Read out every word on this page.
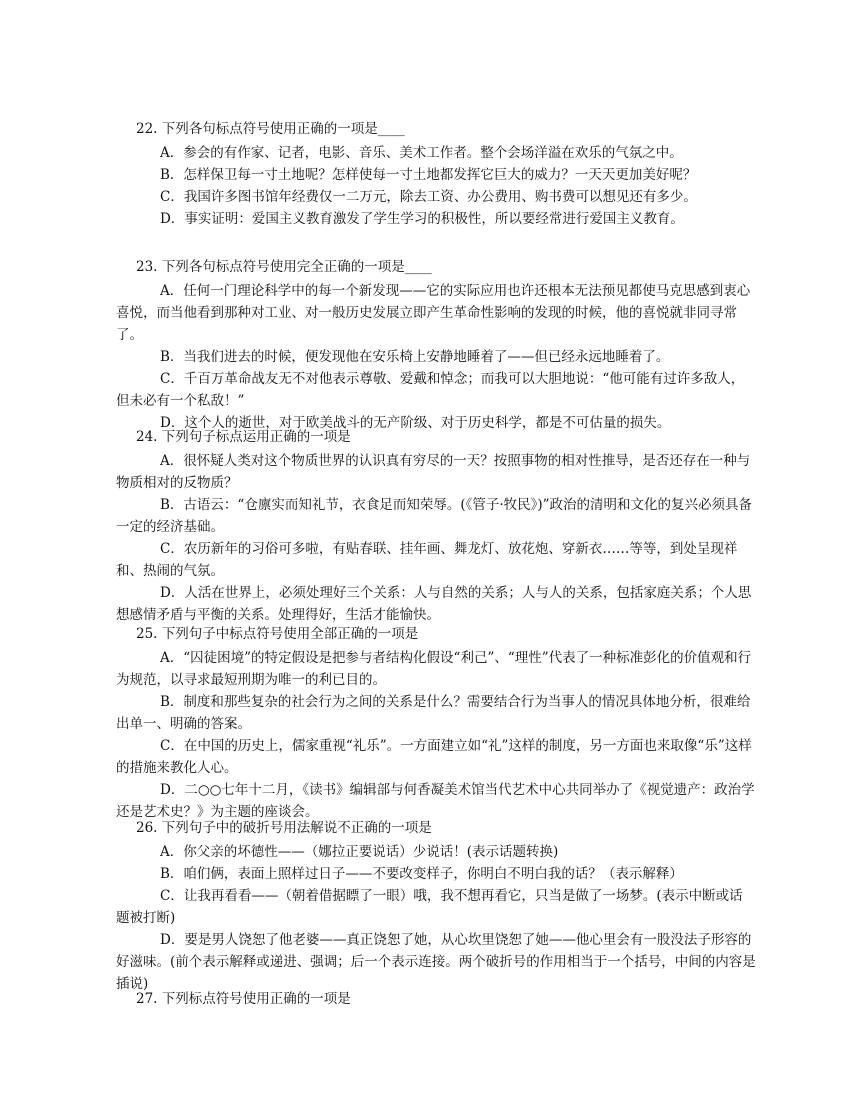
22. 下列各句标点符号使用正确的一项是____

A．参会的有作家、记者，电影、音乐、美术工作者。整个会场洋溢在欢乐的气氛之中。

B．怎样保卫每一寸土地呢？怎样使每一寸土地都发挥它巨大的威力？一天天更加美好呢？

C．我国许多图书馆年经费仅一二万元，除去工资、办公费用、购书费可以想见还有多少。

D．事实证明：爱国主义教育激发了学生学习的积极性，所以要经常进行爱国主义教育。

23. 下列各句标点符号使用完全正确的一项是____

A．任何一门理论科学中的每一个新发现——它的实际应用也许还根本无法预见都使马克思感到衷心喜悦，而当他看到那种对工业、对一般历史发展立即产生革命性影响的发现的时候，他的喜悦就非同寻常了。

B．当我们进去的时候，便发现他在安乐椅上安静地睡着了——但已经永远地睡着了。

C．千百万革命战友无不对他表示尊敬、爱戴和悼念；而我可以大胆地说：“他可能有过许多敌人，但未必有一个私敌！”

D．这个人的逝世，对于欧美战斗的无产阶级、对于历史科学，都是不可估量的损失。

24. 下列句子标点运用正确的一项是

A．很怀疑人类对这个物质世界的认识真有穷尽的一天？按照事物的相对性推导，是否还存在一种与物质相对的反物质？

B．古语云：“仓廪实而知礼节，衣食足而知荣辱。(《管子·牧民》)”政治的清明和文化的复兴必须具备一定的经济基础。

C．农历新年的习俗可多啦，有贴春联、挂年画、舞龙灯、放花炮、穿新衣……等等，到处呈现祥和、热闹的气氛。

D．人活在世界上，必须处理好三个关系：人与自然的关系；人与人的关系，包括家庭关系；个人思想感情矛盾与平衡的关系。处理得好，生活才能愉快。

25. 下列句子中标点符号使用全部正确的一项是

A．“囚徒困境”的特定假设是把参与者结构化假设“利己”、“理性”代表了一种标准彭化的价值观和行为规范，以寻求最短刑期为唯一的利已目的。

B．制度和那些复杂的社会行为之间的关系是什么？需要结合行为当事人的情况具体地分析，很难给出单一、明确的答案。

C．在中国的历史上，儒家重视“礼乐”。一方面建立如“礼”这样的制度，另一方面也来取像“乐”这样的措施来教化人心。

D．二○○七年十二月，《读书》编辑部与何香凝美术馆当代艺术中心共同举办了《视觉遗产：政治学还是艺术史？》为主题的座谈会。

26. 下列句子中的破折号用法解说不正确的一项是

A．你父亲的坏德性——（娜拉正要说话）少说话！(表示话题转换)

B．咱们俩，表面上照样过日子——不要改变样子，你明白不明白我的话？（表示解释）

C．让我再看看——（朝着借据瞟了一眼）哦，我不想再看它，只当是做了一场梦。(表示中断或话题被打断)

D．要是男人饶恕了他老婆——真正饶恕了她，从心坎里饶恕了她——他心里会有一股没法子形容的好滋味。(前个表示解释或递进、强调；后一个表示连接。两个破折号的作用相当于一个括号，中间的内容是插说)

27. 下列标点符号使用正确的一项是
